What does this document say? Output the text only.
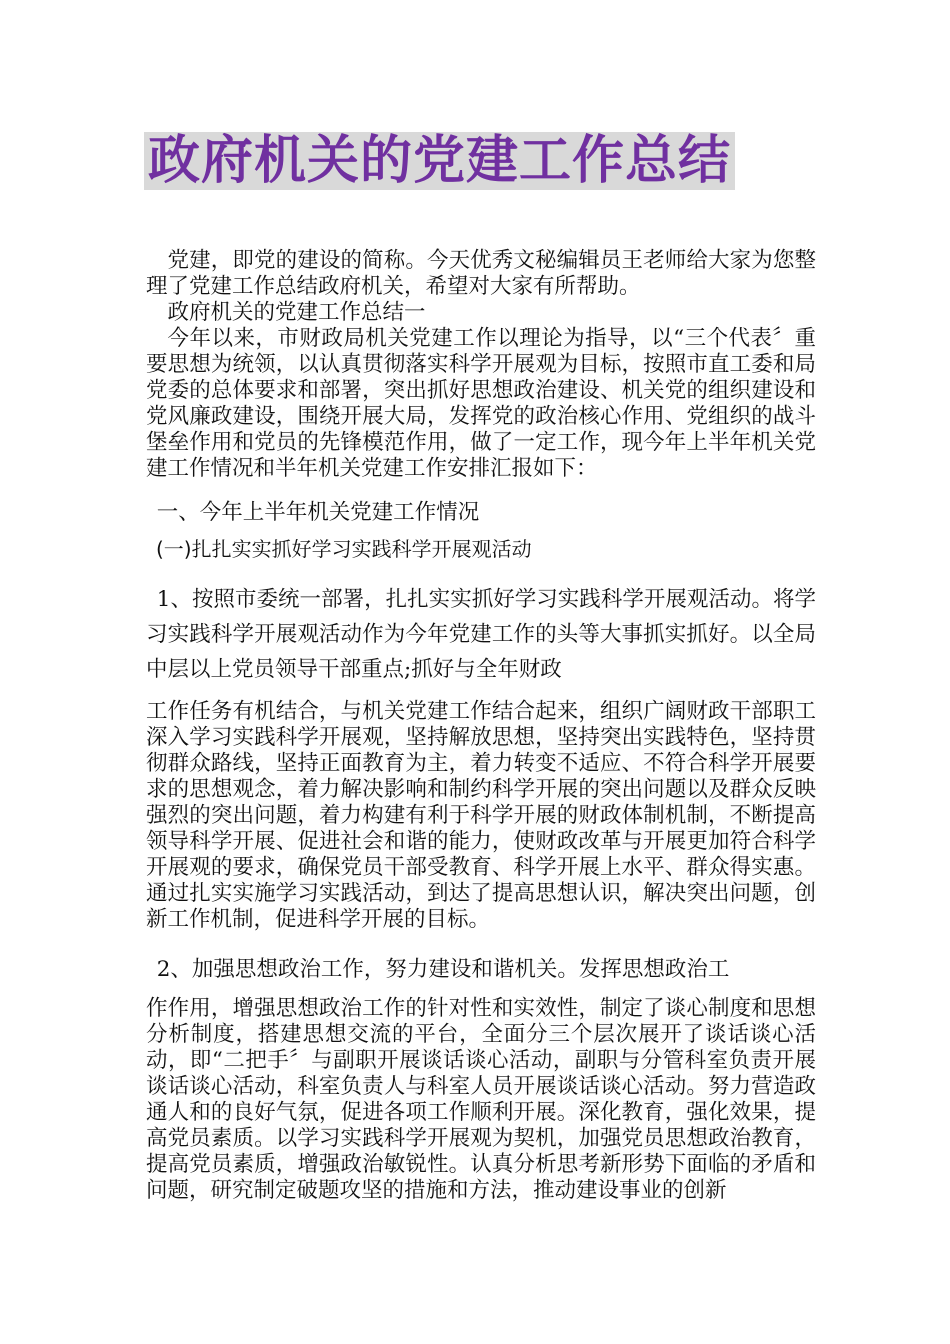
政府机关的党建工作总结

党建，即党的建设的简称。今天优秀文秘编辑员王老师给大家为您整理了党建工作总结政府机关，希望对大家有所帮助。

政府机关的党建工作总结一

今年以来，市财政局机关党建工作以理论为指导，以“三个代表〞重要思想为统领，以认真贯彻落实科学开展观为目标，按照市直工委和局党委的总体要求和部署，突出抓好思想政治建设、机关党的组织建设和党风廉政建设，围绕开展大局，发挥党的政治核心作用、党组织的战斗堡垒作用和党员的先锋模范作用，做了一定工作，现今年上半年机关党建工作情况和半年机关党建工作安排汇报如下：

一、今年上半年机关党建工作情况

(一)扎扎实实抓好学习实践科学开展观活动

1、按照市委统一部署，扎扎实实抓好学习实践科学开展观活动。将学习实践科学开展观活动作为今年党建工作的头等大事抓实抓好。以全局中层以上党员领导干部重点;抓好与全年财政

工作任务有机结合，与机关党建工作结合起来，组织广阔财政干部职工深入学习实践科学开展观，坚持解放思想，坚持突出实践特色，坚持贯彻群众路线，坚持正面教育为主，着力转变不适应、不符合科学开展要求的思想观念，着力解决影响和制约科学开展的突出问题以及群众反映强烈的突出问题，着力构建有利于科学开展的财政体制机制，不断提高领导科学开展、促进社会和谐的能力，使财政改革与开展更加符合科学开展观的要求，确保党员干部受教育、科学开展上水平、群众得实惠。通过扎实实施学习实践活动，到达了提高思想认识，解决突出问题，创新工作机制，促进科学开展的目标。

2、加强思想政治工作，努力建设和谐机关。发挥思想政治工

作作用，增强思想政治工作的针对性和实效性，制定了谈心制度和思想分析制度，搭建思想交流的平台，全面分三个层次展开了谈话谈心活动，即“二把手〞与副职开展谈话谈心活动，副职与分管科室负责开展谈话谈心活动，科室负责人与科室人员开展谈话谈心活动。努力营造政通人和的良好气氛，促进各项工作顺利开展。深化教育，强化效果，提高党员素质。以学习实践科学开展观为契机，加强党员思想政治教育，提高党员素质，增强政治敏锐性。认真分析思考新形势下面临的矛盾和问题，研究制定破题攻坚的措施和方法，推动建设事业的创新
